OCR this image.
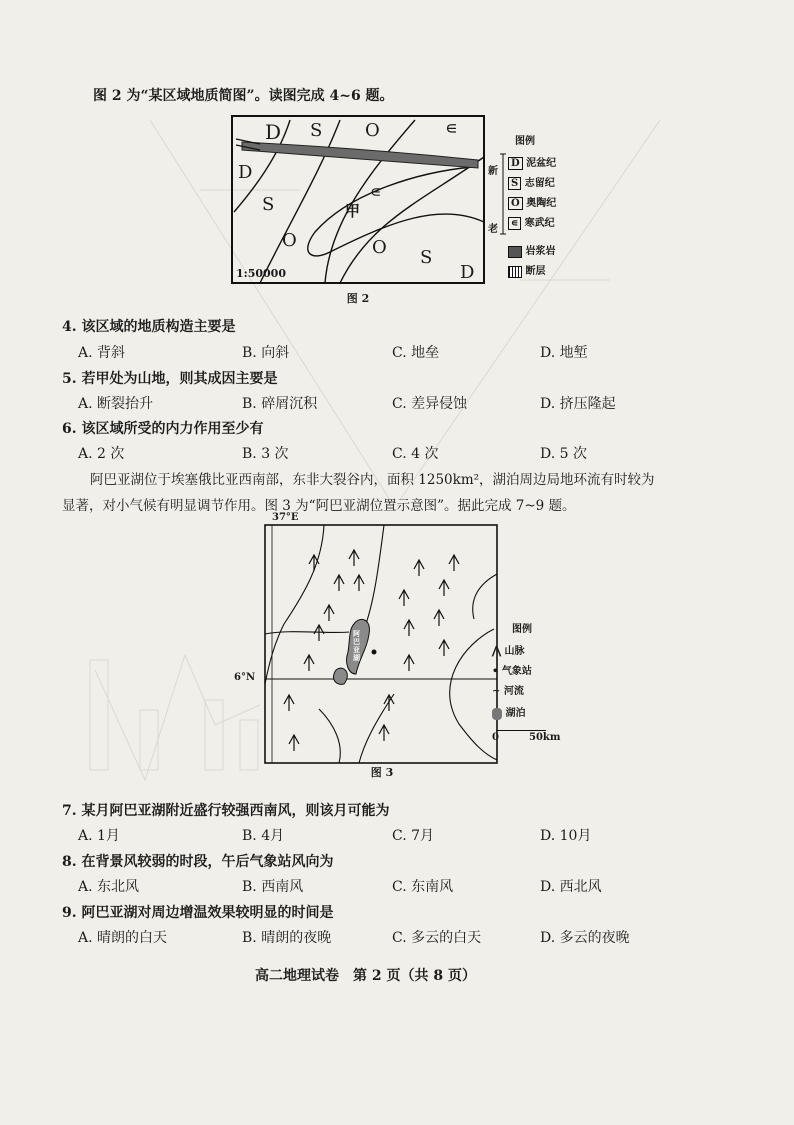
图 2 为“某区域地质简图”。读图完成 4~6 题。
D S O	∊
D
S
∊
甲
O	O S
D
1:50000
图 2
图例
新
老
D 泥盆纪
S 志留纪
O 奥陶纪
∊ 寒武纪
岩浆岩
断层
4. 该区域的地质构造主要是
A. 背斜	B. 向斜	C. 地垒	D. 地堑
5. 若甲处为山地，则其成因主要是
A. 断裂抬升	B. 碎屑沉积	C. 差异侵蚀	D. 挤压隆起
6. 该区域所受的内力作用至少有
A. 2 次	B. 3 次	C. 4 次	D. 5 次
阿巴亚湖位于埃塞俄比亚西南部，东非大裂谷内，面积 1250km²，湖泊周边局地环流有时较为
显著，对小气候有明显调节作用。图 3 为“阿巴亚湖位置示意图”。据此完成 7~9 题。
37°E
6°N
阿巴亚湖
图 3
图例
⋀ 山脉
• 气象站
∼ 河流
湖泊
0	50km
7. 某月阿巴亚湖附近盛行较强西南风，则该月可能为
A. 1月	B. 4月	C. 7月	D. 10月
8. 在背景风较弱的时段，午后气象站风向为
A. 东北风	B. 西南风	C. 东南风	D. 西北风
9. 阿巴亚湖对周边增温效果较明显的时间是
A. 晴朗的白天	B. 晴朗的夜晚	C. 多云的白天	D. 多云的夜晚
高二地理试卷　第 2 页（共 8 页）
